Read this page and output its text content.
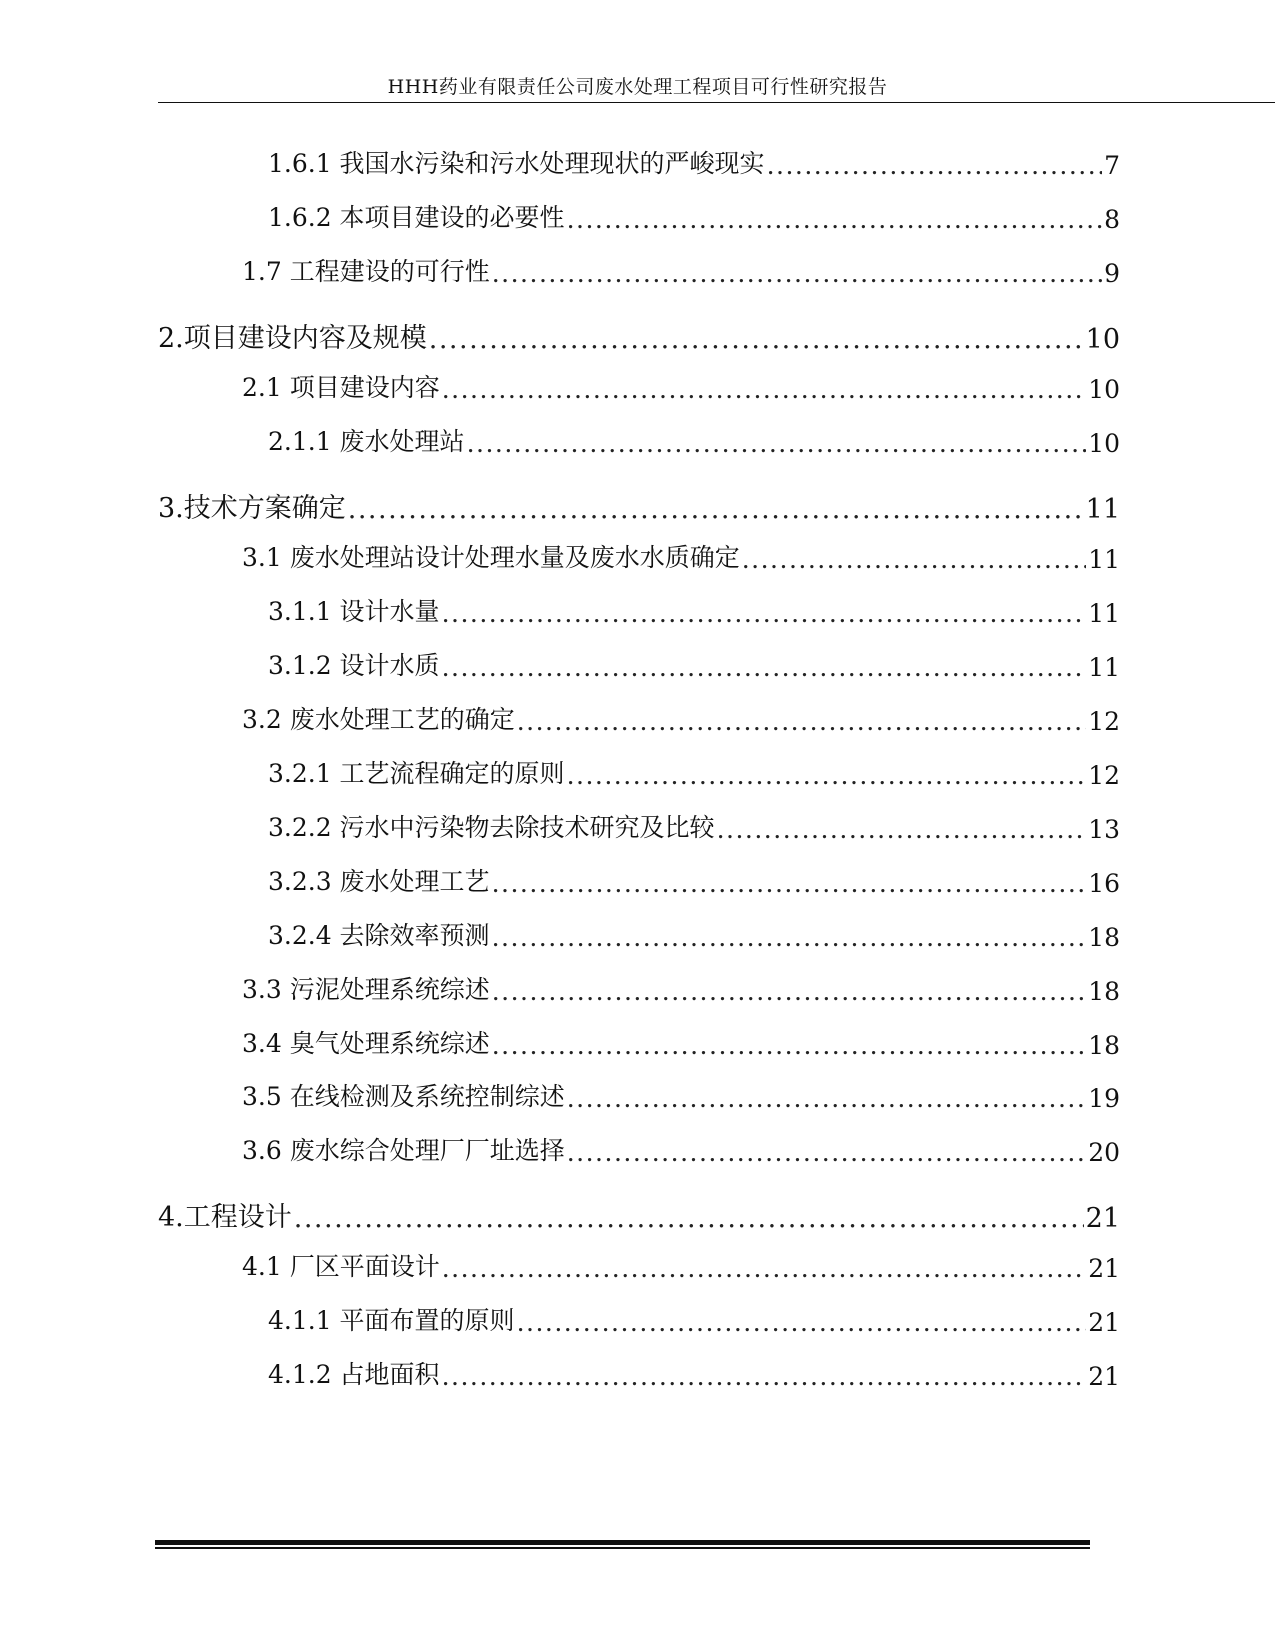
HHH药业有限责任公司废水处理工程项目可行性研究报告
1.6.1 我国水污染和污水处理现状的严峻现实 .....	7
1.6.2 本项目建设的必要性 .....	8
1.7 工程建设的可行性 .....	9
2.项目建设内容及规模 .....	10
2.1 项目建设内容 .....	10
2.1.1 废水处理站 .....	10
3.技术方案确定 .....	11
3.1 废水处理站设计处理水量及废水水质确定 .....	11
3.1.1 设计水量 .....	11
3.1.2 设计水质 .....	11
3.2 废水处理工艺的确定 .....	12
3.2.1 工艺流程确定的原则 .....	12
3.2.2 污水中污染物去除技术研究及比较 .....	13
3.2.3 废水处理工艺 .....	16
3.2.4 去除效率预测 .....	18
3.3 污泥处理系统综述 .....	18
3.4 臭气处理系统综述 .....	18
3.5 在线检测及系统控制综述 .....	19
3.6 废水综合处理厂厂址选择 .....	20
4.工程设计 .....	21
4.1 厂区平面设计 .....	21
4.1.1 平面布置的原则 .....	21
4.1.2 占地面积 .....	21
